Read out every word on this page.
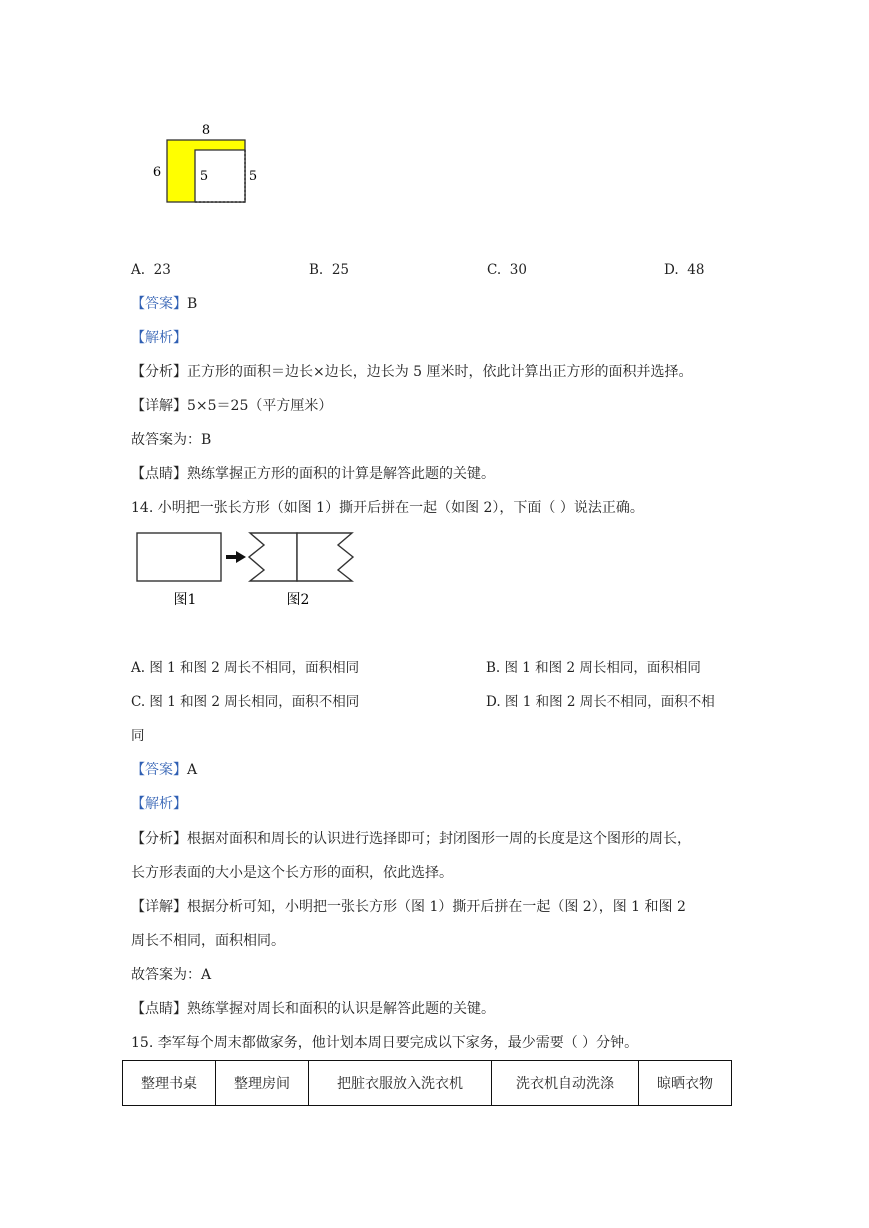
8
6	5	5
A. 23	B. 25	C. 30	D. 48
【答案】B
【解析】
【分析】正方形的面积＝边长×边长，边长为 5 厘米时，依此计算出正方形的面积并选择。
【详解】5×5＝25（平方厘米）
故答案为：B
【点睛】熟练掌握正方形的面积的计算是解答此题的关键。
14. 小明把一张长方形（如图 1）撕开后拼在一起（如图 2），下面（ ）说法正确。
图1	图2
A. 图 1 和图 2 周长不相同，面积相同	B. 图 1 和图 2 周长相同，面积相同
C. 图 1 和图 2 周长相同，面积不相同	D. 图 1 和图 2 周长不相同，面积不相
同
【答案】A
【解析】
【分析】根据对面积和周长的认识进行选择即可；封闭图形一周的长度是这个图形的周长，
长方形表面的大小是这个长方形的面积，依此选择。
【详解】根据分析可知，小明把一张长方形（图 1）撕开后拼在一起（图 2），图 1 和图 2
周长不相同，面积相同。
故答案为：A
【点睛】熟练掌握对周长和面积的认识是解答此题的关键。
15. 李军每个周末都做家务，他计划本周日要完成以下家务，最少需要（ ）分钟。
整理书桌	整理房间	把脏衣服放入洗衣机	洗衣机自动洗涤	晾晒衣物
